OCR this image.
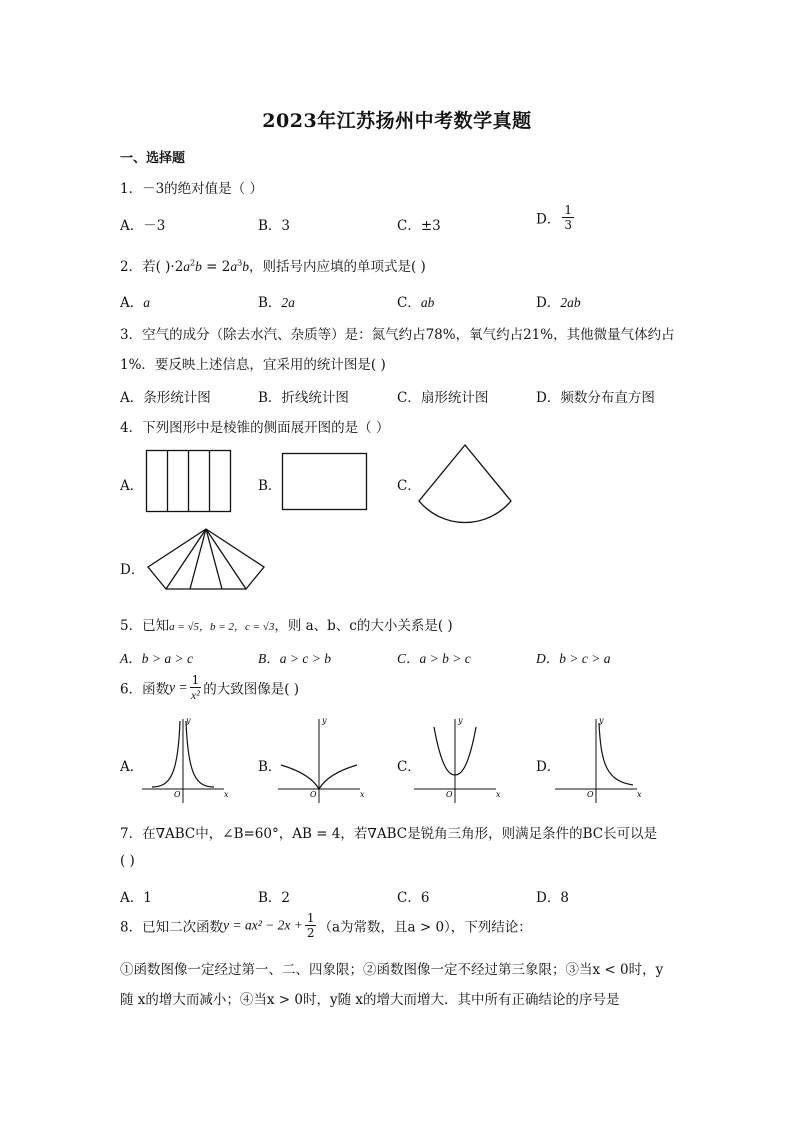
2023年江苏扬州中考数学真题
一、选择题
1．－3的绝对值是（ ）
A．－3	B．3	C．±3	D． $\frac{1}{3}$
2．若( )$\cdot 2a^2b = 2a^3b$，则括号内应填的单项式是( )
A．a	B．2a	C．ab	D．2ab
3．空气的成分（除去水汽、杂质等）是：氮气约占78%，氧气约占21%，其他微量气体约占
1%．要反映上述信息，宜采用的统计图是( )
A．条形统计图	B．折线统计图	C．扇形统计图	D．频数分布直方图
4．下列图形中是棱锥的侧面展开图的是（ ）
A．	B．	C．
D．
5．已知a = √5，b = 2，c = √3，则 a、b、c的大小关系是( )
A．b > a > c	B．a > c > b	C．a > b > c	D．b > c > a
6．函数$y = \frac{1}{\text{x²}}$ 的大致图像是( )
A．
y
x
O
B．
y
x
O
C．
y
x
O
D．
y
x
O
7．在∇ABC中，∠B=60°，AB = 4，若∇ABC是锐角三角形，则满足条件的BC长可以是
( )
A．1	B．2	C．6	D．8
8．已知二次函数$y = ax^2 - 2x + \frac{1}{2} (a$为常数，且a > 0），下列结论：
①函数图像一定经过第一、二、四象限；②函数图像一定不经过第三象限；③当x < 0时，y
随 x的增大而减小；④当x > 0时，y随 x的增大而增大．其中所有正确结论的序号是
